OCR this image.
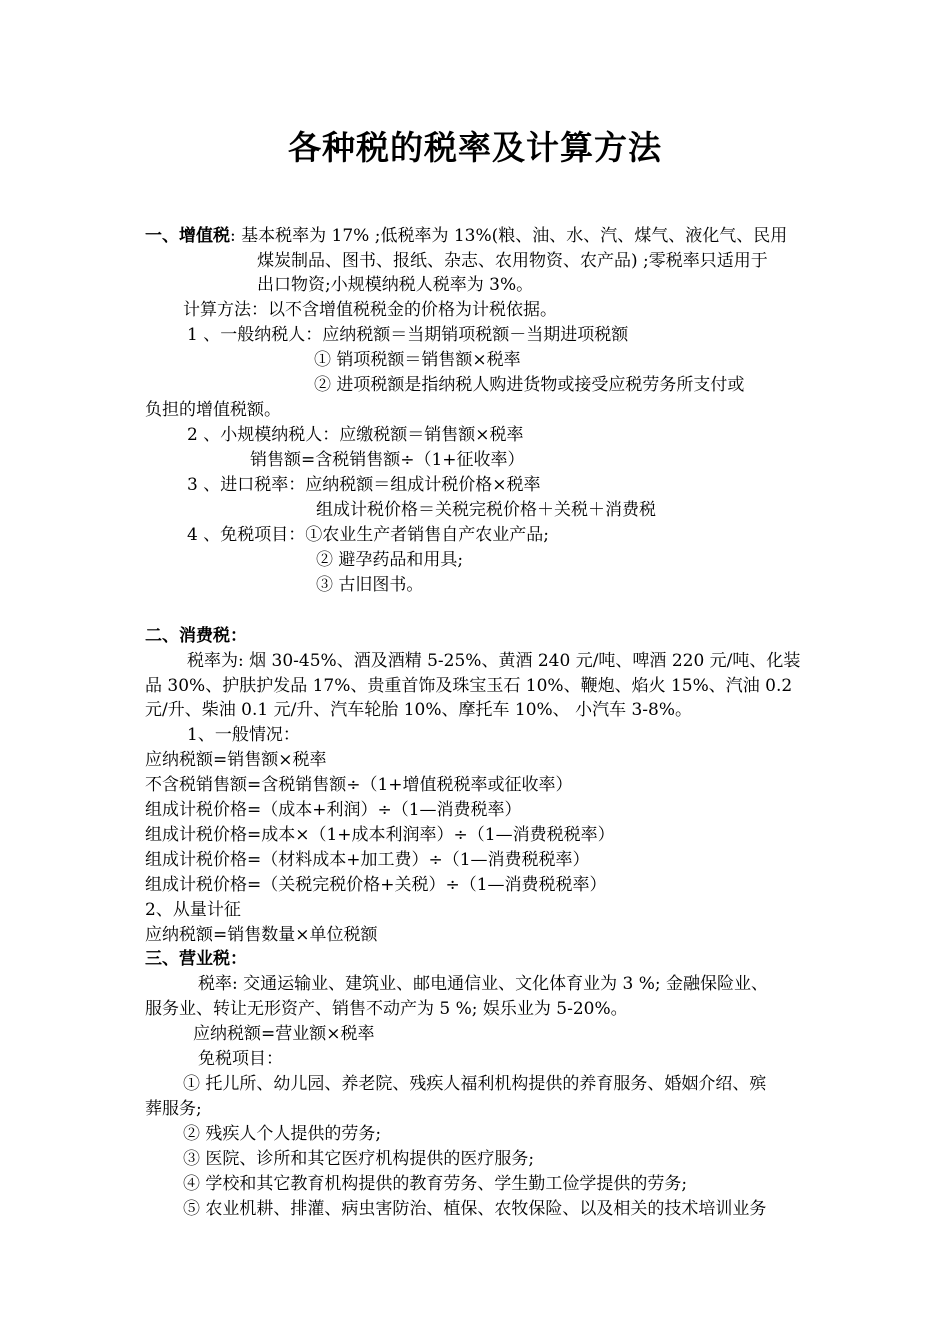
各种税的税率及计算方法
一、增值税: 基本税率为 17% ;低税率为 13%(粮、油、水、汽、煤气、液化气、民用
煤炭制品、图书、报纸、杂志、农用物资、农产品) ;零税率只适用于
出口物资;小规模纳税人税率为 3%。
计算方法：以不含增值税税金的价格为计税依据。
1 、一般纳税人：应纳税额＝当期销项税额－当期进项税额
① 销项税额＝销售额×税率
② 进项税额是指纳税人购进货物或接受应税劳务所支付或
负担的增值税额。
2 、小规模纳税人：应缴税额＝销售额×税率
销售额=含税销售额÷（1+征收率）
3 、进口税率：应纳税额＝组成计税价格×税率
组成计税价格＝关税完税价格＋关税＋消费税
4 、免税项目：①农业生产者销售自产农业产品;
② 避孕药品和用具;
③ 古旧图书。
二、消费税：
税率为: 烟 30-45%、酒及酒精 5-25%、黄酒 240 元/吨、啤酒 220 元/吨、化装
品 30%、护肤护发品 17%、贵重首饰及珠宝玉石 10%、鞭炮、焰火 15%、汽油 0.2
元/升、柴油 0.1 元/升、汽车轮胎 10%、摩托车 10%、 小汽车 3-8%。
1、一般情况：
应纳税额=销售额×税率
不含税销售额=含税销售额÷（1+增值税税率或征收率）
组成计税价格=（成本+利润）÷（1—消费税率）
组成计税价格=成本×（1+成本利润率）÷（1—消费税税率）
组成计税价格=（材料成本+加工费）÷（1—消费税税率）
组成计税价格=（关税完税价格+关税）÷（1—消费税税率）
2、从量计征
应纳税额=销售数量×单位税额
三、营业税：
税率: 交通运输业、建筑业、邮电通信业、文化体育业为 3 %; 金融保险业、
服务业、转让无形资产、销售不动产为 5 %; 娱乐业为 5-20%。
应纳税额=营业额×税率
免税项目：
① 托儿所、幼儿园、养老院、残疾人福利机构提供的养育服务、婚姻介绍、殡
葬服务;
② 残疾人个人提供的劳务;
③ 医院、诊所和其它医疗机构提供的医疗服务;
④ 学校和其它教育机构提供的教育劳务、学生勤工俭学提供的劳务;
⑤ 农业机耕、排灌、病虫害防治、植保、农牧保险、以及相关的技术培训业务
